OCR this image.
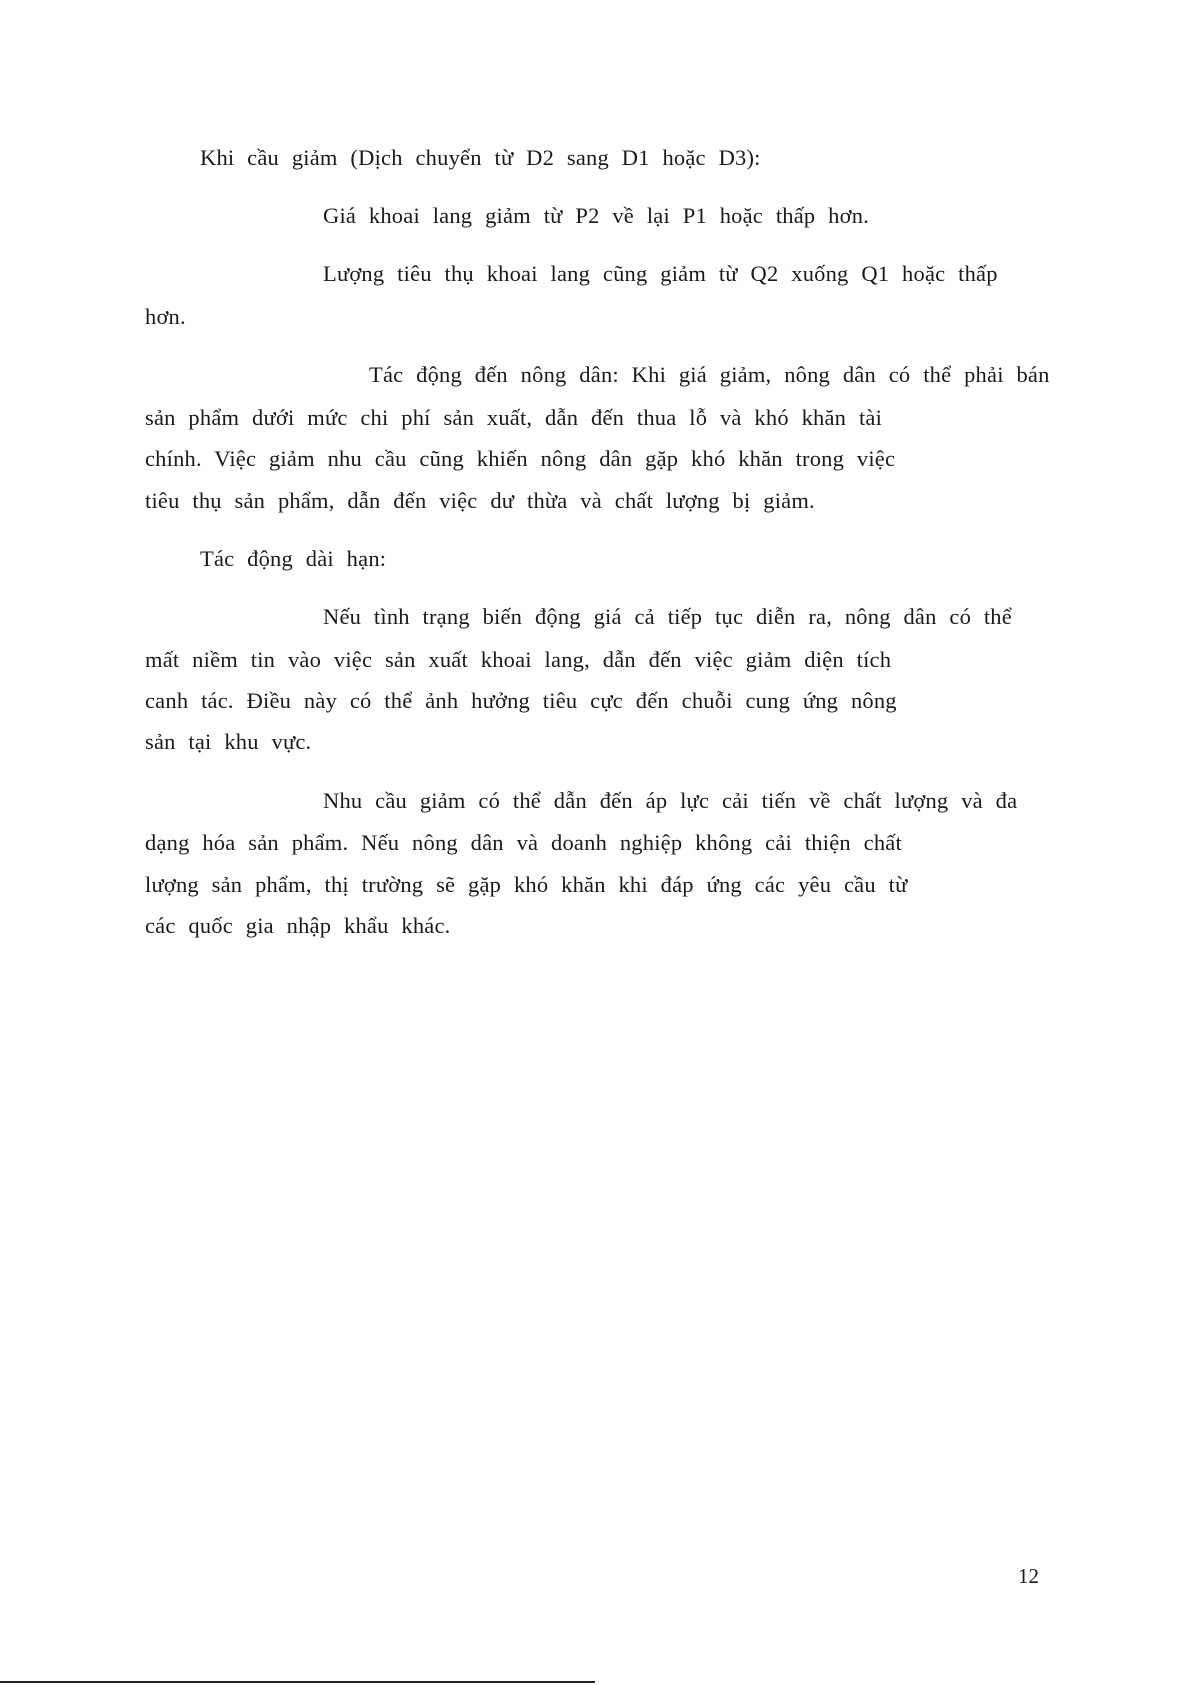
Khi cầu giảm (Dịch chuyển từ D2 sang D1 hoặc D3):
Giá khoai lang giảm từ P2 về lại P1 hoặc thấp hơn.
Lượng tiêu thụ khoai lang cũng giảm từ Q2 xuống Q1 hoặc thấp
hơn.
Tác động đến nông dân: Khi giá giảm, nông dân có thể phải bán
sản phẩm dưới mức chi phí sản xuất, dẫn đến thua lỗ và khó khăn tài
chính. Việc giảm nhu cầu cũng khiến nông dân gặp khó khăn trong việc
tiêu thụ sản phẩm, dẫn đến việc dư thừa và chất lượng bị giảm.
Tác động dài hạn:
Nếu tình trạng biến động giá cả tiếp tục diễn ra, nông dân có thể
mất niềm tin vào việc sản xuất khoai lang, dẫn đến việc giảm diện tích
canh tác. Điều này có thể ảnh hưởng tiêu cực đến chuỗi cung ứng nông
sản tại khu vực.
Nhu cầu giảm có thể dẫn đến áp lực cải tiến về chất lượng và đa
dạng hóa sản phẩm. Nếu nông dân và doanh nghiệp không cải thiện chất
lượng sản phẩm, thị trường sẽ gặp khó khăn khi đáp ứng các yêu cầu từ
các quốc gia nhập khẩu khác.
12
